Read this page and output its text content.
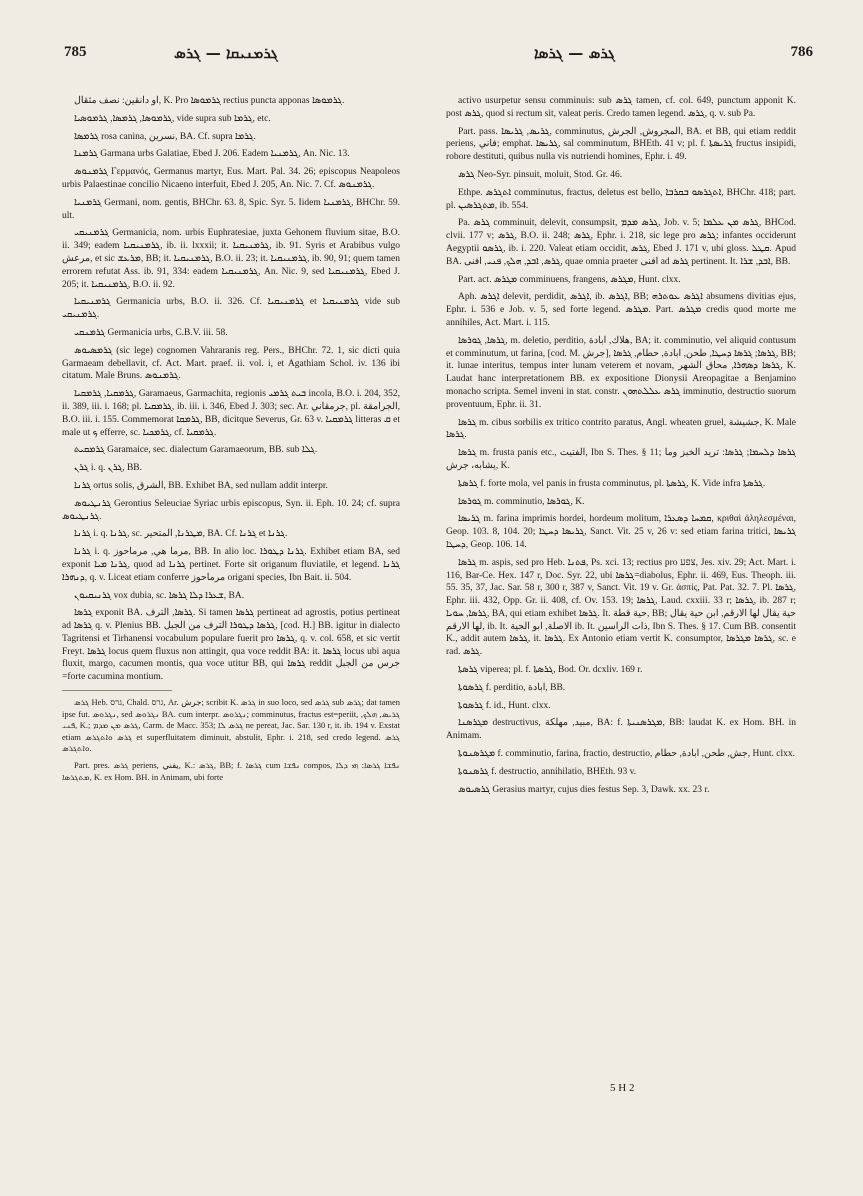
785	ܓܪܡܢܝܩܐ — ܓܪܣ	ܓܪܣ — ܓܪܣܐ	786

او دانقين: نصف مثقال, K. Pro ܓܪܡܘܣܐ rectius puncta apponas ܓܪܡܘܣܐ.

ܓܪܡܘܣܐ, ܓܪܡܣܐ, ܓܪܡܘܣܝܐ, vide supra sub ܓܪܡܐ, etc.

ܓܪܡܣܐ rosa canina, نسرين, BA. Cf. supra ܓܪܡܐ.

ܓܪܡܢܐ Garmana urbs Galatiae, Ebed J. 206. Eadem ܓܪܡܢܝܐ, An. Nic. 13.

ܓܪܡܢܘܣ Γερμανός, Germanus martyr, Eus. Mart. Pal. 34. 26; episcopus Neapoleos urbis Palaestinae concilio Nicaeno interfuit, Ebed J. 205, An. Nic. 7. Cf. ܓܪܡܢܘܣ.

ܓܪܡܢܝܐ Germani, nom. gentis, BHChr. 63. 8, Spic. Syr. 5. Iidem ܓܪܡܢܝܐ, BHChr. 59. ult.

ܓܪܡܢܝܩܝ Germanicia, nom. urbis Euphratesiae, juxta Gehonem fluvium sitae, B.O. ii. 349; eadem ܓܪܡܢܝܩܝܐ, ib. ii. lxxxii; it. ܓܪܡܢܝܩܝܐ, ib. 91. Syris et Arabibus vulgo مرعش, et sic ܡܪܥܫ, BB; it. ܓܪܡܢܝܩܝܐ, B.O. ii. 23; it. ܓܪܡܢܝܩܝܐ, ib. 90, 91; quem tamen errorem refutat Ass. ib. 91, 334: eadem ܓܪܡܢܝܩܝܐ, An. Nic. 9, sed ܓܪܡܢܝܩܝܐ, Ebed J. 205; it. ܓܪܡܢܝܩܝܐ, B.O. ii. 92.

ܓܪܡܢܝܩܝܐ Germanicia urbs, B.O. ii. 326. Cf. ܓܪܡܢܝܩܝܐ et ܓܪܡܢܝܩܝܐ vide sub ܓܪܡܢܝܩܝ.

ܓܪܡܢܩܝ Germanicia urbs, C.B.V. iii. 58.

ܓܪܡܣܝܘܣ (sic lege) cognomen Vahraranis reg. Pers., BHChr. 72. 1, sic dicti quia Garmaeam debellavit, cf. Act. Mart. praef. ii. vol. i, et Agathiam Schol. iv. 136 ibi citatum. Male Bruns. ܓܪܡܢܘܣ.

ܓܪܡܩܝܐ, ܓܪܡܩܝܐ, Garamaeus, Garmachita, regionis ܒܝܬ ܓܪܡܝ incola, B.O. i. 204, 352, ii. 389, iii. i. 168; pl. ܓܪܡܩܝܐ, ib. iii. i. 346, Ebed J. 303; sec. Ar. جرمقاني, pl. الجرامقة, B.O. iii. i. 155. Commemorat ܓܪܡܩܐ, BB, dicitque Severus, Gr. 63 v. ܓܪܡܩܝܐ litteras ܩ et male ut ܟ efferre, sc. ܓܪܡܟܝܐ, cf. ܓܪܡܩܝܐ.

ܓܪܡܩܝܬ Garamaice, sec. dialectum Garamaeorum, BB. sub ܓܠܐ.

ܓܪܢ i. q. ܓܪܢ, BB.

ܓܪܢܐ ortus solis, الشرق, BB. Exhibet BA, sed nullam addit interpr.

ܓܪܢܛܝܘܣ Gerontius Seleuciae Syriac urbis episcopus, Syn. ii. Eph. 10. 24; cf. supra ܓܪܢܛܝܘܣ.

ܓܪܢܐ i. q. ܓܪܢܐ, sc. ܡܛܪܢܐ, المتحير, BA. Cf. ܓܪܢܐ et ܓܪܢܐ.

ܓܪܢܐ i. q. مرما هي, مرماحوز, BB. In alio loc. ܓܪܢܐ ܕܛܘܪܐ. Exhibet etiam BA, sed exponit ܓܪܢܐ ܡܝܐ, quod ad ܓܪܢܐ pertinet. Forte sit origanum fluviatile, et legend. ܓܪܢܐ ܕܢܗܪܐ, q. v. Liceat etiam conferre مرماحوز origani species, Ibn Bait. ii. 504.

ܓܪܢܝܩܝܘܢ vox dubia, sc. ܫܥܪܐ ܕܠܐ ܓܪܣܐ, BA.

ܓܪܣܐ exponit BA. ܓܪܣܐ, الترف. Si tamen ܓܪܣܐ pertineat ad agrostis, potius pertineat ad ܓܪܣܐ q. v. Plenius BB. ܓܪܣܐ ܕܛܘܪܐ الترف من الجبل, [cod. H.] BB. igitur in dialecto Tagritensi et Tirhanensi vocabulum populare fuerit pro ܓܪܣܐ, q. v. col. 658, et sic vertit Freyt. ܓܪܣܐ locus quem fluxus non attingit, qua voce reddit BA: it. ܓܪܣܐ locus ubi aqua fluxit, margo, cacumen montis, qua voce utitur BB, qui ܓܪܣܐ reddit جرس من الجبل =forte cacumina montium.

ܓܪܣ Heb. גרס, Chald. גרס, Ar. جرش; scribit K. ܓܪܣ in suo loco, sed ܓܪܣ sub ܓܪܣ; dat tamen ipse fut. ܢܓܪܘܣ, sed ܢܓܪܘܣ BA. cum interpr. ܢܓܪܘܣ; comminutus, fractus est=periit, ܓܪܝܣ, ܗܠܟ, ܦܢܝ, K.; ܓܪܣ ܡܢ ܡܕܡ, Carm. de Macc. 353; ܓܪܣ ܠܐ ne pereat, Jac. Sar. 130 r, it. ib. 194 v. Exstat etiam ܓܪܣ ܘܐܬܓܪܣ et superfluitatem diminuit, abstulit, Ephr. i. 218, sed credo legend. ܓܪܣ ܘܐܬܓܪܣ.

Part. pres. ܓܪܣ periens, يفني, K.: ܓܪܣ, BB; f. ܓܪܣܐ cum ܢܦܫܐ compos, ܢܦܫܐ ܓܪܣܐ: ܗܝ ܕܠܐ ܡܬܓܪܣܐ, K. ex Hom. BH. in Animam, ubi forte

activo usurpetur sensu comminuis: sub ܓܪܣ tamen, cf. col. 649, punctum apponit K. post ܓܪܣ, quod si rectum sit, valeat peris. Credo tamen legend. ܓܪܣ, q. v. sub Pa.

Part. pass. ܓܪܝܣ, ܓܪܝܣܐ, comminutus, المجروش, الجرش, BA. et BB, qui etiam reddit periens, فاني; emphat. ܓܪܝܣܐ, sal comminutum, BHEth. 41 v; pl. f. ܓܪܝܣܬܐ fructus insipidi, robore destituti, quibus nulla vis nutriendi homines, Ephr. i. 49.

ܓܪܣ Neo-Syr. pinsuit, moluit, Stod. Gr. 46.

Ethpe. ܐܬܓܪܣ comminutus, fractus, deletus est bello, ܐܬܓܪܣܘ ܒܩܪܒܐ, BHChr. 418; part. pl. ܡܬܓܪܣܝܢ, ib. 554.

Pa. ܓܪܣ comminuit, delevit, consumpsit, ܓܪܣ ܡܕܡ, Job. v. 5; ܓܪܣ ܡܢ ܥܠܡܐ, BHCod. clvii. 177 v; ܓܪܣ, B.O. ii. 248; ܓܪܣ, Ephr. i. 218, sic lege pro ܓܪܣ; infantes occiderunt Aegyptii ܓܪܣܘ, ib. i. 220. Valeat etiam occidit, ܓܪܣ, Ebed J. 171 v, ubi gloss. ܩܛܠ. Apud BA. ܓܪܣ, ܐܒܕ, ܗܠܟ, ܦܢܝ, افنى, quae omnia praeter افنى ad ܓܪܣ pertinent. It. ܐܒܕ, ܫܪܐ, BB.

Part. act. ܡܓܪܣ comminuens, frangens, ܡܓܪܣ, Hunt. clxx.

Aph. ܐܓܪܣ delevit, perdidit, ܐܓܪܣ, ib. ܐܓܪܣ, BB; ܐܓܪܣ ܥܘܬܪܗ absumens divitias ejus, Ephr. i. 536 e Job. v. 5, sed forte legend. ܡܓܪܣ. Part. ܡܓܪܣ credis quod morte me annihiles, Act. Mart. i. 115.

ܓܪܣܐ, ܓܘܪܣܐ, m. deletio, perditio, هلاك, ابادة, BA; it. comminutio, vel aliquid contusum et comminutum, ut farina, [cod. M. جرش], ܓܪܣܐ; ܓܪܣܐ ܕܚܛܐ, طحن, ابادة, حطام, ܓܪܣܐ, BB; it. lunae interitus, tempus inter lunam veterem et novam, ܓܪܣܐ ܕܣܗܪܐ, محاق الشهر, K. Laudat hanc interpretationem BB. ex expositione Dionysii Areopagitae a Benjamino monacho scripta. Semel inveni in stat. constr. ܓܪܣ ܥܠܠܬܗܘܢ imminutio, destructio suorum proventuum, Ephr. ii. 31.

ܓܪܣܐ m. cibus sorbilis ex tritico contrito paratus, Angl. wheaten gruel, جشيشة, K. Male ܓܪܣܐ.

ܓܪܣܐ m. frusta panis etc., الفتيت, Ibn S. Thes. § 11; ܓܪܣܐ ܕܠܚܡܐ; ܓܪܣܐ: تريد الخبز وما يشابه، جرش, K.

ܓܪܣܬܐ f. forte mola, vel panis in frusta comminutus, pl. ܓܪܣܬܐ, K. Vide infra ܓܪܣܬܐ.

ܓܘܪܣܐ m. comminutio, ܓܘܪܣܐ, K.

ܓܪܝܣܐ m. farina imprimis hordei, hordeum molitum, ܩܡܚܐ ܕܣܥܪܐ, κριθαὶ ἀληλεσμέναι, Geop. 103. 8, 104. 20; ܓܪܝܣܐ ܕܚܛܐ, Sanct. Vit. 25 v, 26 v: sed etiam farina tritici, ܓܪܝܣܐ ܕܚܛܐ, Geop. 106. 14.

ܓܪܣܐ m. aspis, sed pro Heb. ܦܬܢܐ, Ps. xci. 13; rectius pro צפע, Jes. xiv. 29; Act. Mart. i. 116, Bar-Ce. Hex. 147 r, Doc. Syr. 22, ubi ܓܪܣܐ=diabolus, Ephr. ii. 469, Eus. Theoph. iii. 55. 35, 37, Jac. Sar. 58 r, 300 r, 387 v, Sanct. Vit. 19 v. Gr. ἀσπίς, Pat. Pat. 32. 7. Pl. ܓܪܣܐ, Ephr. iii. 432, Opp. Gr. ii. 408, cf. Ov. 153. 19; ܓܪܣܐ, Laud. cxxiii. 33 r; ܓܪܣܐ, ib. 287 r; ܓܪܣܐ, ܚܘܝܐ, BA, qui etiam exhibet ܓܪܣܐ. It. حية قطة, BB; حية يقال لها الارقم, ابن حية يقال لها الارقم, ib. It. الاصلة, ابو الحية ib. It. ذات الراسين, Ibn S. Thes. § 17. Cum BB. consentit K., addit autem ܓܪܣܐ, it. ܓܪܣܐ. Ex Antonio etiam vertit K. consumptor, ܓܪܣܐ ܡܓܪܣܐ, sc. e rad. ܓܪܣ.

ܓܪܣܬܐ viperea; pl. f. ܓܪܣܬܐ, Bod. Or. dcxliv. 169 r.

ܓܪܣܘܬܐ f. perditio, ابادة, BB.

ܓܪܣܘܬܐ f. id., Hunt. clxx.

ܡܓܪܣܢܐ destructivus, مبيد, مهلكة, BA: f. ܡܓܪܣܢܝܬܐ, BB: laudat K. ex Hom. BH. in Animam.

ܡܓܪܣܢܘܬܐ f. comminutio, farina, fractio, destructio, جش, طحن, ابادة, حطام, Hunt. clxx.

ܓܪܣܢܘܬܐ f. destructio, annihilatio, BHEth. 93 v.

ܓܪܣܝܘܣ Gerasius martyr, cujus dies festus Sep. 3, Dawk. xx. 23 r.

5 H 2
